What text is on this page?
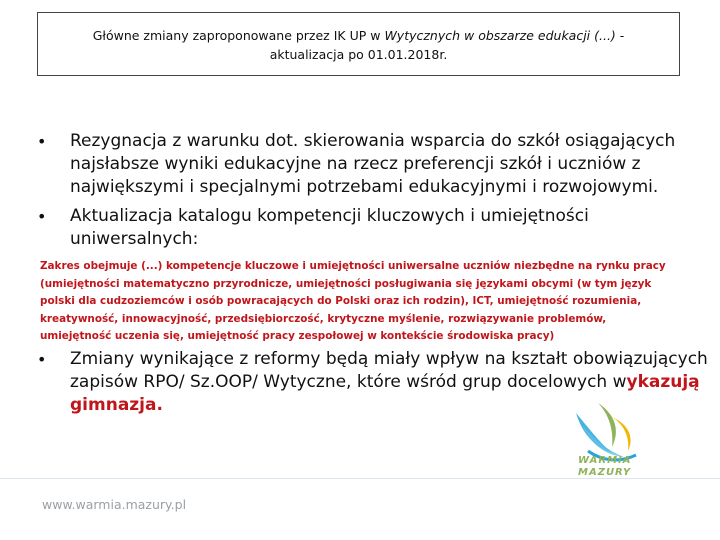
Główne zmiany zaproponowane przez IK UP w Wytycznych w obszarze edukacji (...) -
aktualizacja po 01.01.2018r.
• Rezygnacja z warunku dot. skierowania wsparcia do szkół osiągających najsłabsze wyniki edukacyjne na rzecz preferencji szkół i uczniów z największymi i specjalnymi potrzebami edukacyjnymi i rozwojowymi.
• Aktualizacja katalogu kompetencji kluczowych i umiejętności uniwersalnych:
Zakres obejmuje (...) kompetencje kluczowe i umiejętności uniwersalne uczniów niezbędne na rynku pracy (umiejętności matematyczno przyrodnicze, umiejętności posługiwania się językami obcymi (w tym język polski dla cudzoziemców i osób powracających do Polski oraz ich rodzin), ICT, umiejętność rozumienia, kreatywność, innowacyjność, przedsiębiorczość, krytyczne myślenie, rozwiązywanie problemów, umiejętność uczenia się, umiejętność pracy zespołowej w kontekście środowiska pracy)
• Zmiany wynikające z reformy będą miały wpływ na kształt obowiązujących zapisów RPO/ Sz.OOP/ Wytyczne, które wśród grup docelowych wykazują gimnazja.
WARMIA
MAZURY
www.warmia.mazury.pl
